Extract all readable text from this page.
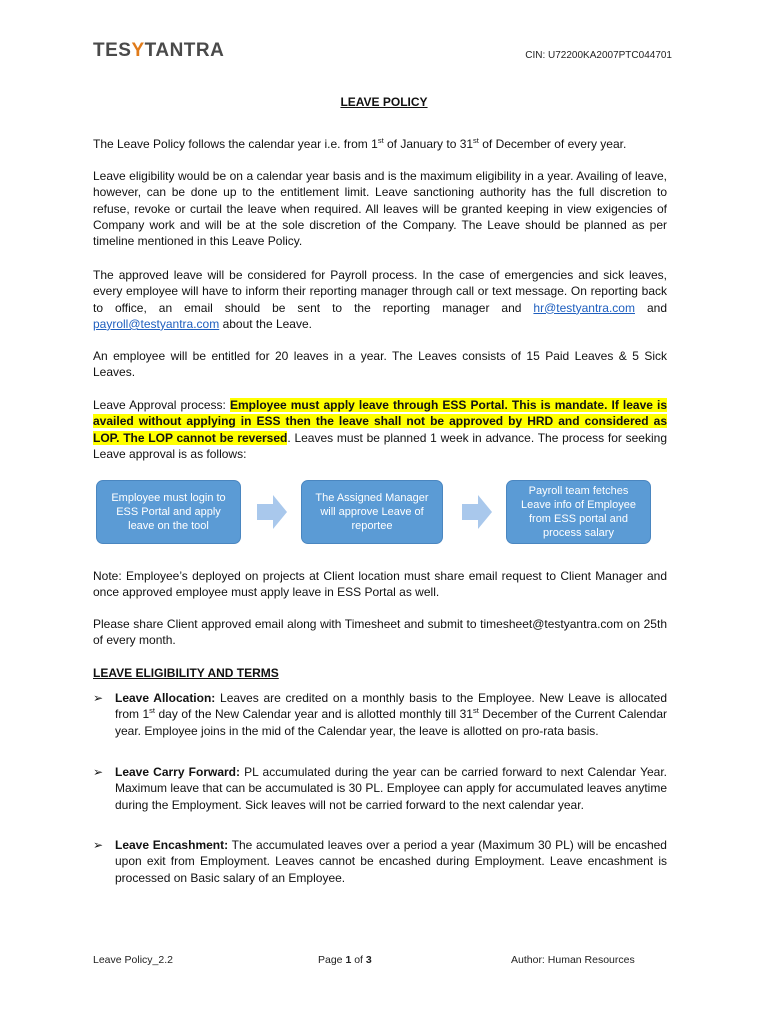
TESYTANTRA	CIN: U72200KA2007PTC044701
LEAVE POLICY
The Leave Policy follows the calendar year i.e. from 1st of January to 31st of December of every year.
Leave eligibility would be on a calendar year basis and is the maximum eligibility in a year. Availing of leave, however, can be done up to the entitlement limit. Leave sanctioning authority has the full discretion to refuse, revoke or curtail the leave when required. All leaves will be granted keeping in view exigencies of Company work and will be at the sole discretion of the Company. The Leave should be planned as per timeline mentioned in this Leave Policy.
The approved leave will be considered for Payroll process. In the case of emergencies and sick leaves, every employee will have to inform their reporting manager through call or text message. On reporting back to office, an email should be sent to the reporting manager and hr@testyantra.com and payroll@testyantra.com about the Leave.
An employee will be entitled for 20 leaves in a year. The Leaves consists of 15 Paid Leaves & 5 Sick Leaves.
Leave Approval process: Employee must apply leave through ESS Portal. This is mandate. If leave is availed without applying in ESS then the leave shall not be approved by HRD and considered as LOP. The LOP cannot be reversed. Leaves must be planned 1 week in advance. The process for seeking Leave approval is as follows:
Employee must login to ESS Portal and apply leave on the tool
The Assigned Manager will approve Leave of reportee
Payroll team fetches Leave info of Employee from ESS portal and process salary
Note: Employee’s deployed on projects at Client location must share email request to Client Manager and once approved employee must apply leave in ESS Portal as well.
Please share Client approved email along with Timesheet and submit to timesheet@testyantra.com on 25th of every month.
LEAVE ELIGIBILITY AND TERMS
➢ Leave Allocation: Leaves are credited on a monthly basis to the Employee. New Leave is allocated from 1st day of the New Calendar year and is allotted monthly till 31st December of the Current Calendar year. Employee joins in the mid of the Calendar year, the leave is allotted on pro-rata basis.
➢ Leave Carry Forward: PL accumulated during the year can be carried forward to next Calendar Year. Maximum leave that can be accumulated is 30 PL. Employee can apply for accumulated leaves anytime during the Employment. Sick leaves will not be carried forward to the next calendar year.
➢ Leave Encashment: The accumulated leaves over a period a year (Maximum 30 PL) will be encashed upon exit from Employment. Leaves cannot be encashed during Employment. Leave encashment is processed on Basic salary of an Employee.
Leave Policy_2.2	Page 1 of 3	Author: Human Resources
